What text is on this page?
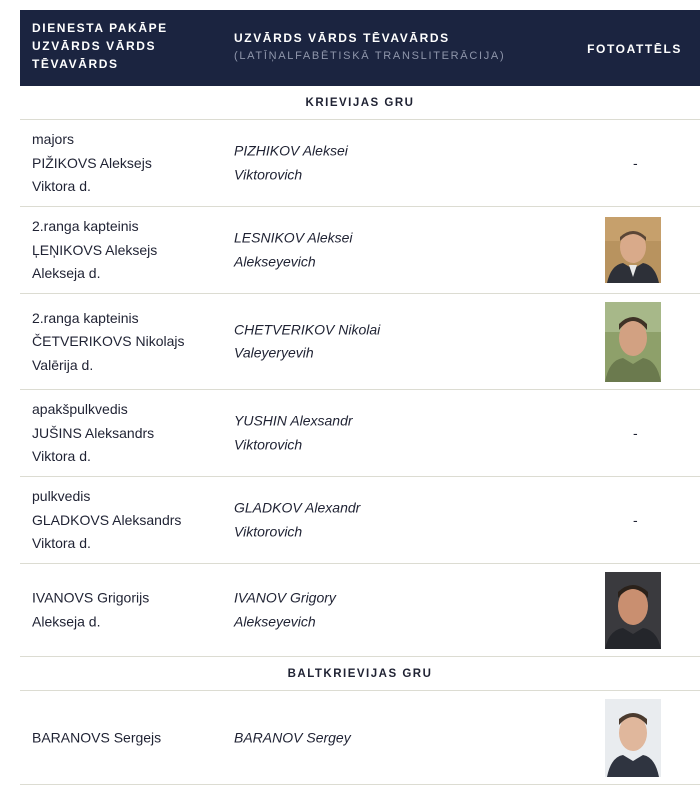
DIENESTA PAKĀPE
UZVĀRDS VĀRDS
TĒVAVĀRDS
UZVĀRDS VĀRDS TĒVAVĀRDS
(LATĪŅALFABĒTISKĀ TRANSLITERĀCIJA)	FOTOATTĒLS
KRIEVIJAS GRU
majors
PIŽIKOVS Aleksejs
Viktora d.
PIZHIKOV Aleksei
Viktorovich
-
2.ranga kapteinis
ĻEŅIKOVS Aleksejs
Alekseja d.
LESNIKOV Aleksei
Alekseyevich
2.ranga kapteinis
ČETVERIKOVS Nikolajs
Valērija d.
CHETVERIKOV Nikolai
Valeyeryevih
apakšpulkvedis
JUŠINS Aleksandrs
Viktora d.
YUSHIN Alexsandr
Viktorovich
-
pulkvedis
GLADKOVS Aleksandrs
Viktora d.
GLADKOV Alexandr
Viktorovich
-
IVANOVS Grigorijs
Alekseja d.
IVANOV Grigory
Alekseyevich
BALTKRIEVIJAS GRU
BARANOVS Sergejs	BARANOV Sergey
